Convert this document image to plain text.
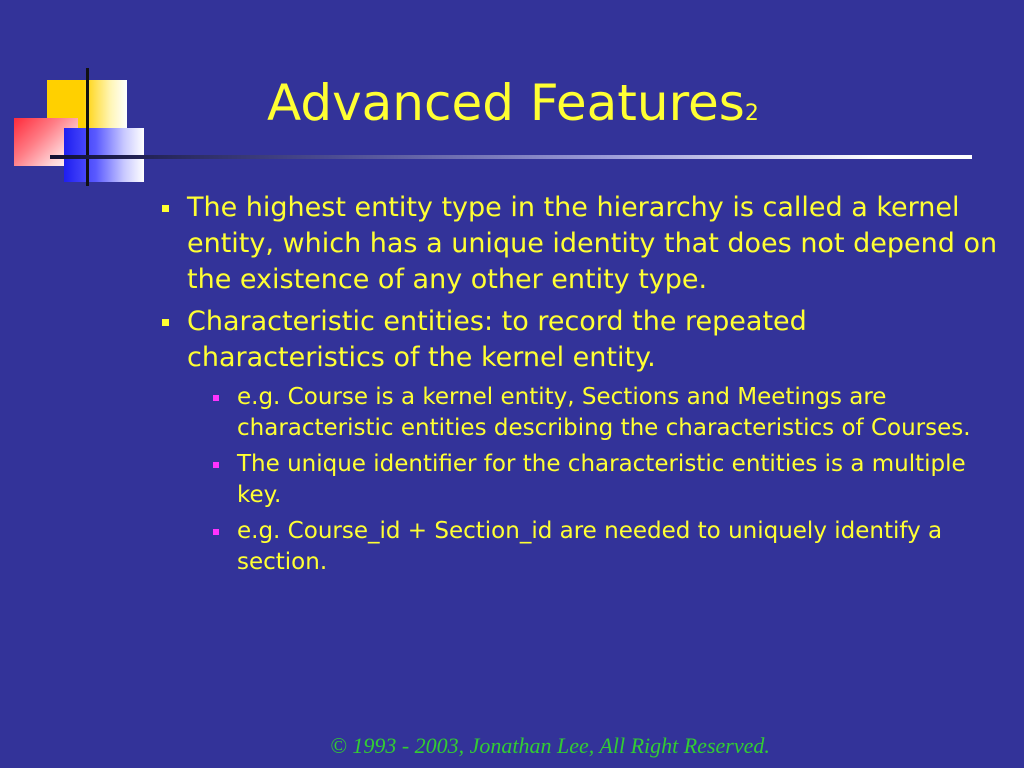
Advanced Features2
The highest entity type in the hierarchy is called a kernel entity, which has a unique identity that does not depend on the existence of any other entity type.
Characteristic entities: to record the repeated characteristics of the kernel entity.
e.g. Course is a kernel entity, Sections and Meetings are characteristic entities describing the characteristics of Courses.
The unique identifier for the characteristic entities is a multiple key.
e.g. Course_id + Section_id are needed to uniquely identify a section.
© 1993 - 2003, Jonathan Lee, All Right Reserved.
